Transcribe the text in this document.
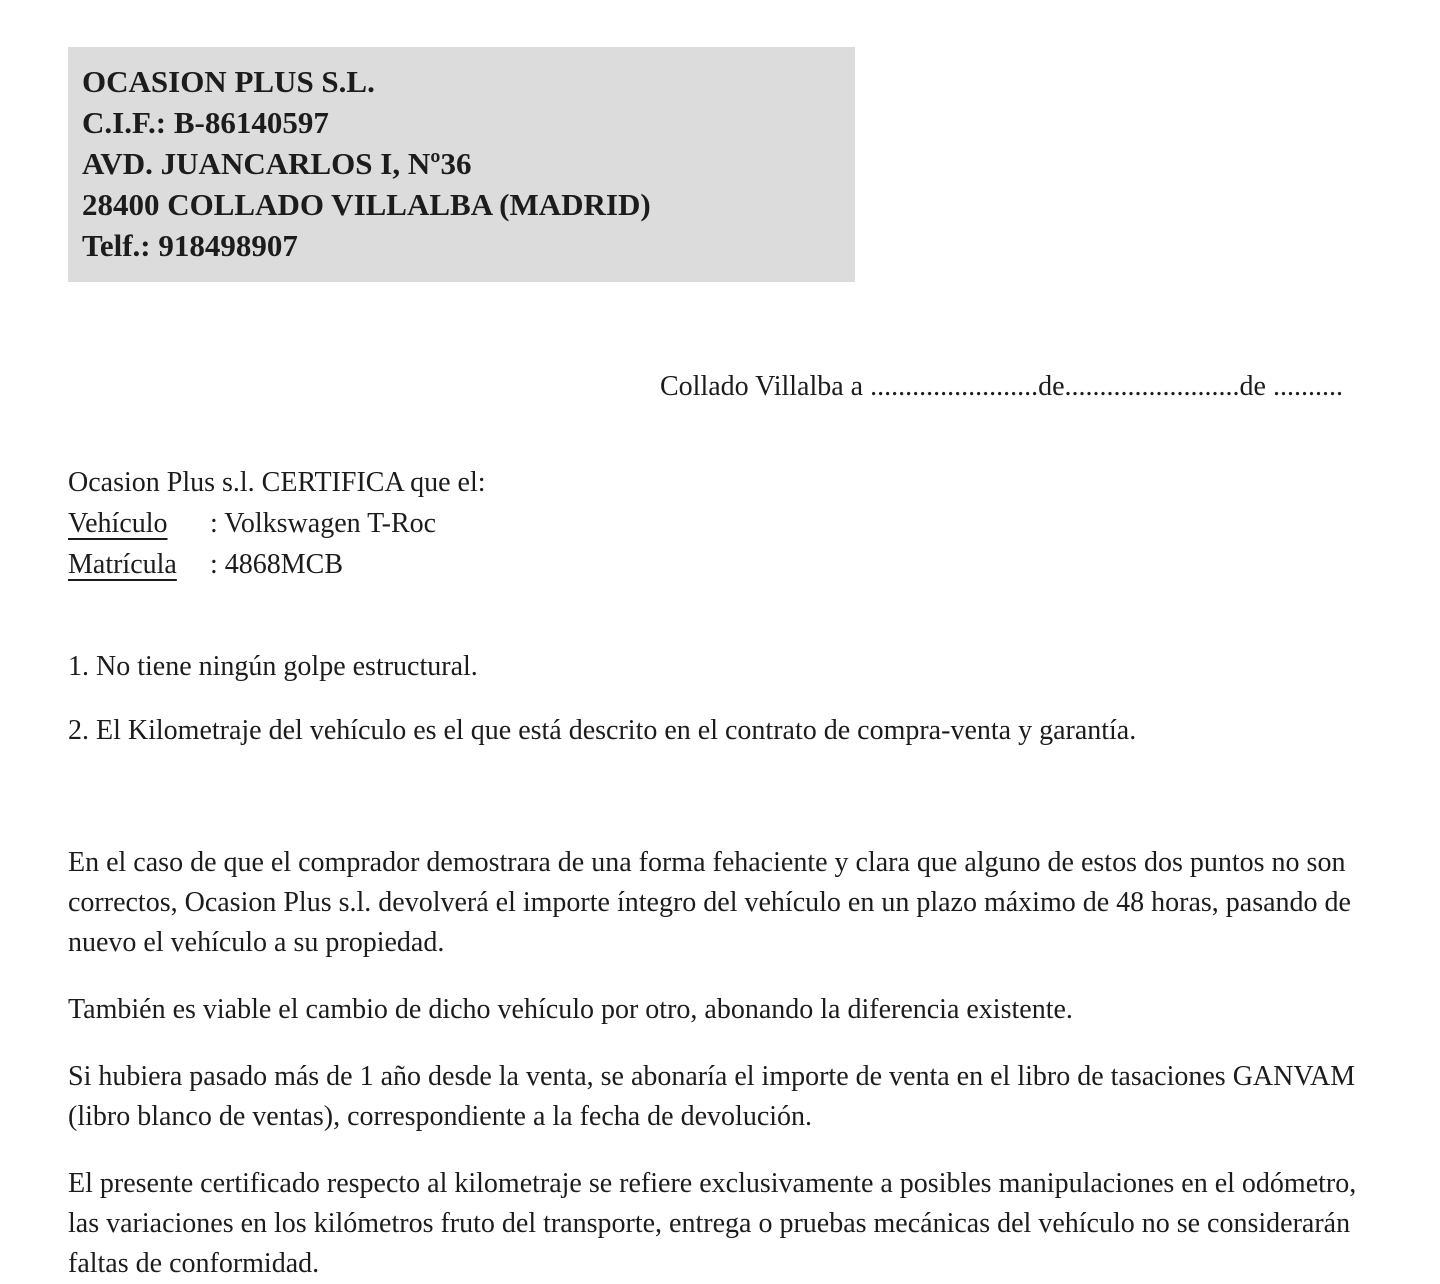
OCASION PLUS S.L.
C.I.F.: B-86140597
AVD. JUANCARLOS I, Nº36
28400 COLLADO VILLALBA (MADRID)
Telf.: 918498907
Collado Villalba a ........................de.........................de ..........
Ocasion Plus s.l. CERTIFICA que el:
Vehículo : Volkswagen T-Roc
Matrícula : 4868MCB

1. No tiene ningún golpe estructural.

2. El Kilometraje del vehículo es el que está descrito en el contrato de compra-venta y garantía.

En el caso de que el comprador demostrara de una forma fehaciente y clara que alguno de estos dos puntos no son correctos, Ocasion Plus s.l. devolverá el importe íntegro del vehículo en un plazo máximo de 48 horas, pasando de nuevo el vehículo a su propiedad.

También es viable el cambio de dicho vehículo por otro, abonando la diferencia existente.

Si hubiera pasado más de 1 año desde la venta, se abonaría el importe de venta en el libro de tasaciones GANVAM (libro blanco de ventas), correspondiente a la fecha de devolución.

El presente certificado respecto al kilometraje se refiere exclusivamente a posibles manipulaciones en el odómetro, las variaciones en los kilómetros fruto del transporte, entrega o pruebas mecánicas del vehículo no se considerarán faltas de conformidad.
